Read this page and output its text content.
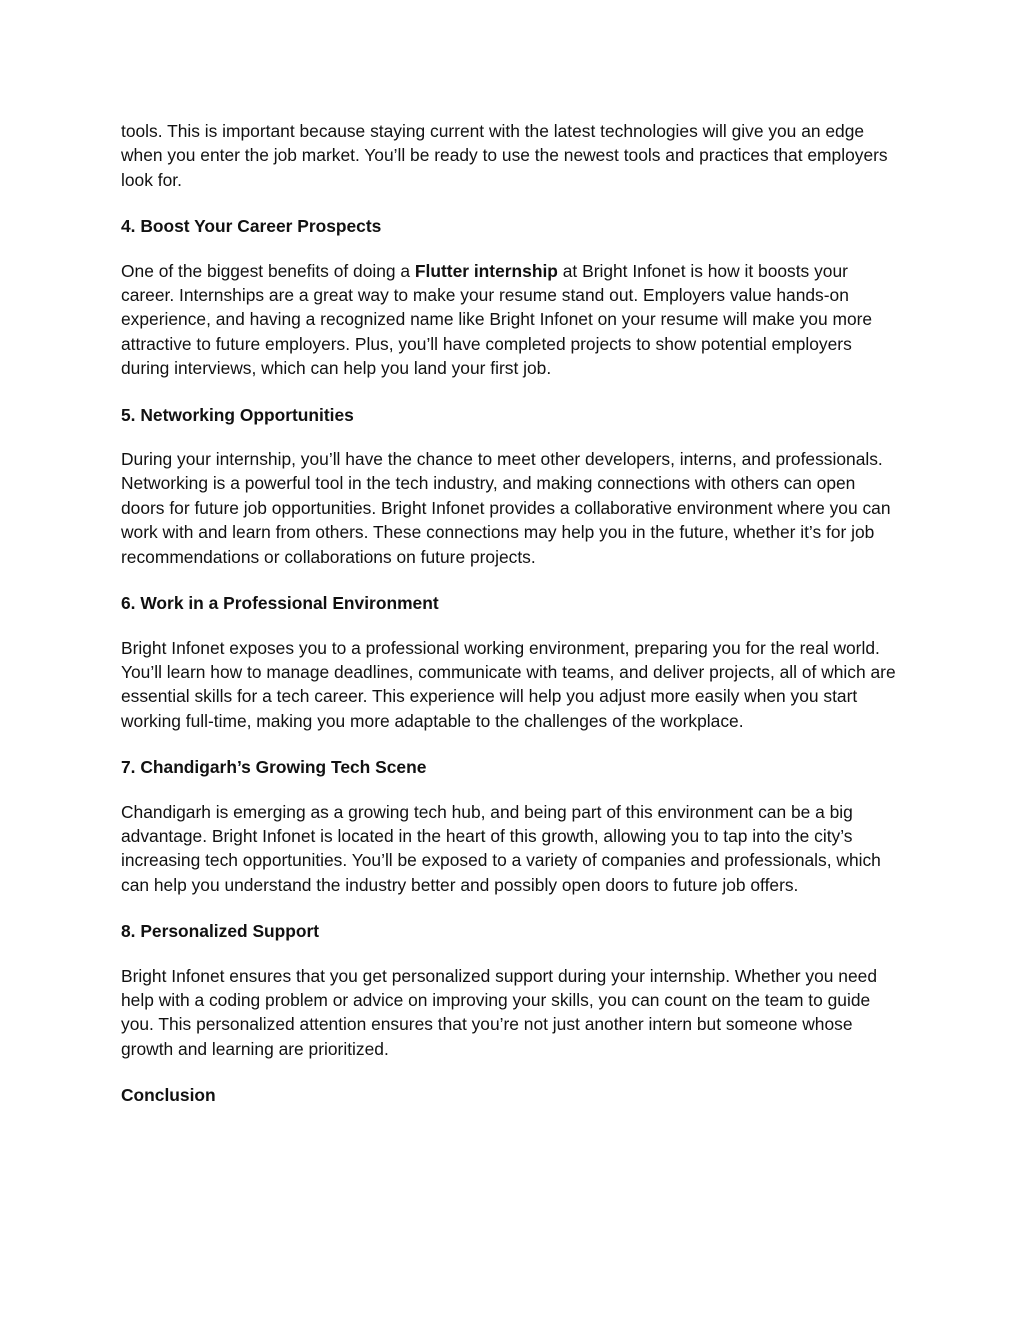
tools. This is important because staying current with the latest technologies will give you an edge when you enter the job market. You’ll be ready to use the newest tools and practices that employers look for.

4. Boost Your Career Prospects

One of the biggest benefits of doing a Flutter internship at Bright Infonet is how it boosts your career. Internships are a great way to make your resume stand out. Employers value hands-on experience, and having a recognized name like Bright Infonet on your resume will make you more attractive to future employers. Plus, you’ll have completed projects to show potential employers during interviews, which can help you land your first job.

5. Networking Opportunities

During your internship, you’ll have the chance to meet other developers, interns, and professionals. Networking is a powerful tool in the tech industry, and making connections with others can open doors for future job opportunities. Bright Infonet provides a collaborative environment where you can work with and learn from others. These connections may help you in the future, whether it’s for job recommendations or collaborations on future projects.

6. Work in a Professional Environment

Bright Infonet exposes you to a professional working environment, preparing you for the real world. You’ll learn how to manage deadlines, communicate with teams, and deliver projects, all of which are essential skills for a tech career. This experience will help you adjust more easily when you start working full-time, making you more adaptable to the challenges of the workplace.

7. Chandigarh’s Growing Tech Scene

Chandigarh is emerging as a growing tech hub, and being part of this environment can be a big advantage. Bright Infonet is located in the heart of this growth, allowing you to tap into the city’s increasing tech opportunities. You’ll be exposed to a variety of companies and professionals, which can help you understand the industry better and possibly open doors to future job offers.

8. Personalized Support

Bright Infonet ensures that you get personalized support during your internship. Whether you need help with a coding problem or advice on improving your skills, you can count on the team to guide you. This personalized attention ensures that you’re not just another intern but someone whose growth and learning are prioritized.

Conclusion
